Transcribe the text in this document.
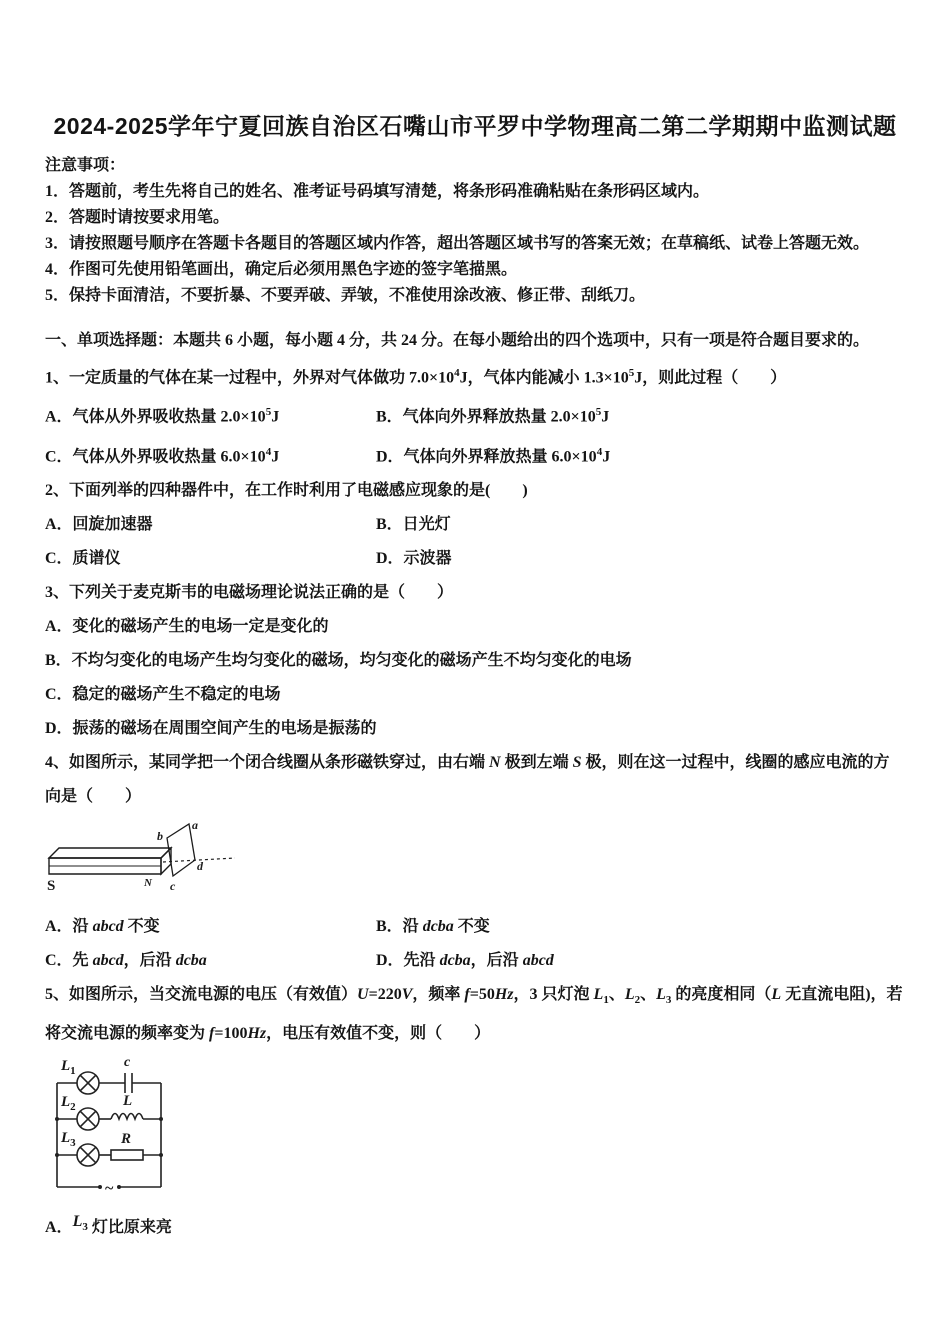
2024-2025学年宁夏回族自治区石嘴山市平罗中学物理高二第二学期期中监测试题
注意事项：
1．答题前，考生先将自己的姓名、准考证号码填写清楚，将条形码准确粘贴在条形码区域内。
2．答题时请按要求用笔。
3．请按照题号顺序在答题卡各题目的答题区域内作答，超出答题区域书写的答案无效；在草稿纸、试卷上答题无效。
4．作图可先使用铅笔画出，确定后必须用黑色字迹的签字笔描黑。
5．保持卡面清洁，不要折暴、不要弄破、弄皱，不准使用涂改液、修正带、刮纸刀。
一、单项选择题：本题共 6 小题，每小题 4 分，共 24 分。在每小题给出的四个选项中，只有一项是符合题目要求的。

1、一定质量的气体在某一过程中，外界对气体做功 $7.0\times 10^4J$，气体内能减小 $1.3\times 10^5J$，则此过程（　　）

A．气体从外界吸收热量 $2.0\times 10^5J$	B．气体向外界释放热量 $2.0\times 10^5J$
C．气体从外界吸收热量 $6.0\times 10^4J$	D．气体向外界释放热量 $6.0\times 10^4J$

2、下面列举的四种器件中，在工作时利用了电磁感应现象的是(　　)

A．回旋加速器	B．日光灯
C．质谱仪	D．示波器

3、下列关于麦克斯韦的电磁场理论说法正确的是（　　）

A．变化的磁场产生的电场一定是变化的
B．不均匀变化的电场产生均匀变化的磁场，均匀变化的磁场产生不均匀变化的电场
C．稳定的磁场产生不稳定的电场
D．振荡的磁场在周围空间产生的电场是振荡的

4、如图所示，某同学把一个闭合线圈从条形磁铁穿过，由右端 N 极到左端 S 极，则在这一过程中，线圈的感应电流的方向是（　　）

S	N
a
b
c
d
A．沿 abcd 不变	B．沿 dcba 不变
C．先 abcd，后沿 dcba	D．先沿 dcba，后沿 abcd

5、如图所示，当交流电源的电压（有效值）U=220V，频率 f=50Hz，3 只灯泡 $L_1$、$L_2$、$L_3$ 的亮度相同（L 无直流电阻)，若将交流电源的频率变为 f=100Hz，电压有效值不变，则（　　）

~
c
L
R
$L_1$
$L_2$
$L_3$
A．$L_3$ 灯比原来亮
